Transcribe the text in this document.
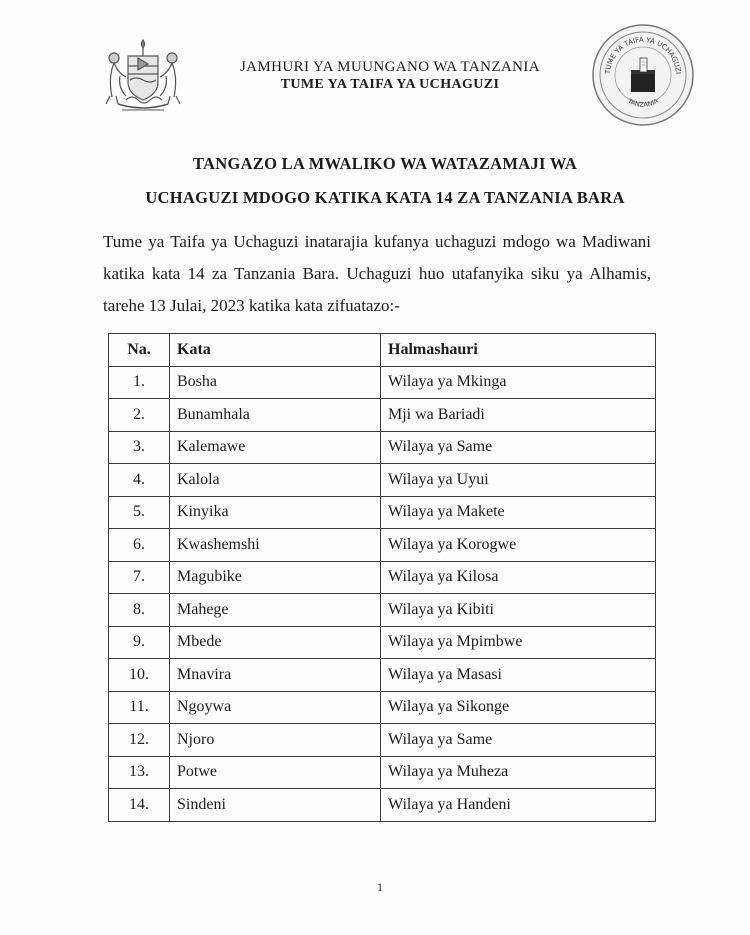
JAMHURI YA MUUNGANO WA TANZANIA
TUME YA TAIFA YA UCHAGUZI
TUME YA TAIFA YA UCHAGUZI
TANZANIA
TANGAZO LA MWALIKO WA WATAZAMAJI WA
UCHAGUZI MDOGO KATIKA KATA 14 ZA TANZANIA BARA
Tume ya Taifa ya Uchaguzi inatarajia kufanya uchaguzi mdogo wa Madiwani katika kata 14 za Tanzania Bara. Uchaguzi huo utafanyika siku ya Alhamis, tarehe 13 Julai, 2023 katika kata zifuatazo:-
Na.	Kata	Halmashauri
1.	Bosha	Wilaya ya Mkinga
2.	Bunamhala	Mji wa Bariadi
3.	Kalemawe	Wilaya ya Same
4.	Kalola	Wilaya ya Uyui
5.	Kinyika	Wilaya ya Makete
6.	Kwashemshi	Wilaya ya Korogwe
7.	Magubike	Wilaya ya Kilosa
8.	Mahege	Wilaya ya Kibiti
9.	Mbede	Wilaya ya Mpimbwe
10.	Mnavira	Wilaya ya Masasi
11.	Ngoywa	Wilaya ya Sikonge
12.	Njoro	Wilaya ya Same
13.	Potwe	Wilaya ya Muheza
14.	Sindeni	Wilaya ya Handeni
1
